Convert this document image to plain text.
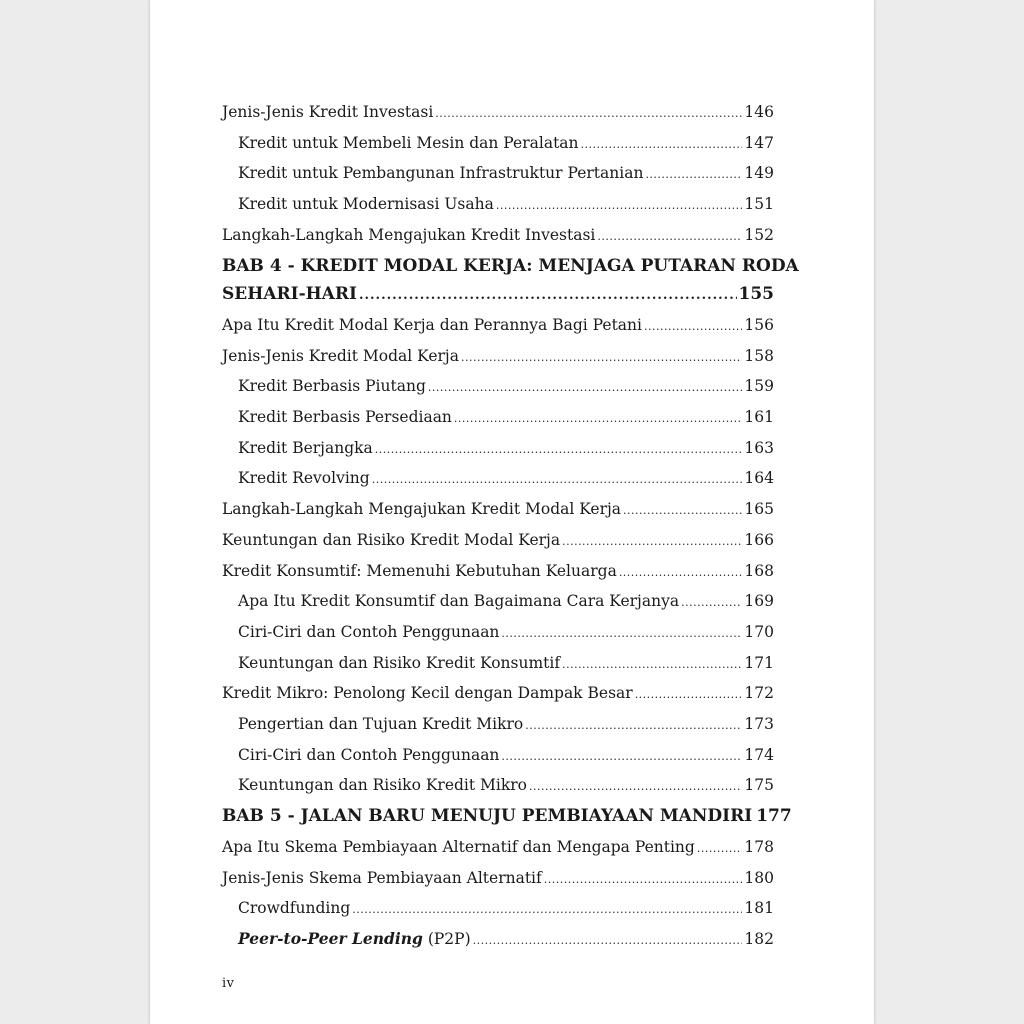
Jenis-Jenis Kredit Investasi .....	146
Kredit untuk Membeli Mesin dan Peralatan .....	147
Kredit untuk Pembangunan Infrastruktur Pertanian .....	149
Kredit untuk Modernisasi Usaha .....	151
Langkah-Langkah Mengajukan Kredit Investasi .....	152
BAB 4 - KREDIT MODAL KERJA: MENJAGA PUTARAN RODA
SEHARI-HARI .....	155
Apa Itu Kredit Modal Kerja dan Perannya Bagi Petani .....	156
Jenis-Jenis Kredit Modal Kerja .....	158
Kredit Berbasis Piutang .....	159
Kredit Berbasis Persediaan .....	161
Kredit Berjangka .....	163
Kredit Revolving .....	164
Langkah-Langkah Mengajukan Kredit Modal Kerja .....	165
Keuntungan dan Risiko Kredit Modal Kerja .....	166
Kredit Konsumtif: Memenuhi Kebutuhan Keluarga .....	168
Apa Itu Kredit Konsumtif dan Bagaimana Cara Kerjanya .....	169
Ciri-Ciri dan Contoh Penggunaan .....	170
Keuntungan dan Risiko Kredit Konsumtif .....	171
Kredit Mikro: Penolong Kecil dengan Dampak Besar .....	172
Pengertian dan Tujuan Kredit Mikro .....	173
Ciri-Ciri dan Contoh Penggunaan .....	174
Keuntungan dan Risiko Kredit Mikro .....	175
BAB 5 - JALAN BARU MENUJU PEMBIAYAAN MANDIRI 177
Apa Itu Skema Pembiayaan Alternatif dan Mengapa Penting .....	178
Jenis-Jenis Skema Pembiayaan Alternatif .....	180
Crowdfunding .....	181
Peer-to-Peer Lending (P2P) .....	182
iv
